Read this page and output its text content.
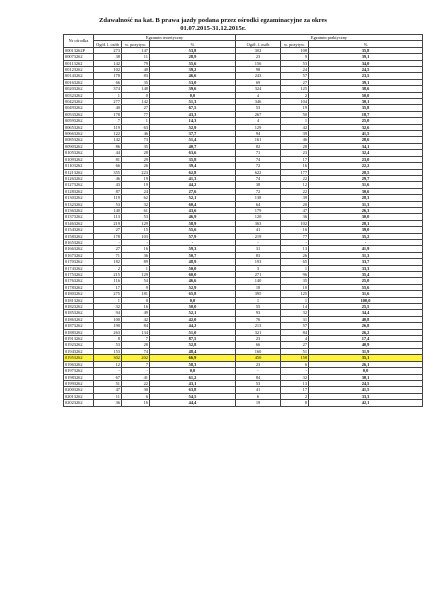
Zdawalność na kat. B prawa jazdy podana przez ośrodki egzaminacyjne za okres
01.07.2015-31.12.2015r.
Nr ośrodka	Egzamin teoretyczny			Egzamin praktyczny		
	Ogół. l. osób	w. pozytyw.	%	Ogół. l. osób	w. pozytyw.	%
00013262P	273	147	53,8	302	108	35,8
00073262	38	11	28,9	23	9	39,1
00113262	142	79	55,6	156	53	34,0
00123262	102	40	39,2	98	24	24,5
00143262	178	83	46,6	243	57	23,5
00163262	66	35	53,0	69	27	39,1
00203262	374	148	39,6	324	125	38,6
00323262	1	0	0,0	4	2	50,0
00423262	277	142	51,3	346	104	30,1
00493262	40	27	67,5	53	19	35,8
00533262	178	77	43,3	267	50	18,7
00593262	7	1	14,3	4	1	25,0
00653262	119	63	52,9	129	42	32,6
00663262	122	46	37,7	94	39	41,5
00853262	142	73	51,4	161	46	28,6
00903262	86	35	40,7	82	28	34,1
01053262	44	28	63,6	71	23	32,4
01093262	81	29	35,8	74	17	23,0
01103262	66	26	39,4	72	16	22,2
01213262	355	223	62,8	622	177	28,5
01263262	46	19	41,3	74	22	29,7
01273262	43	19	44,2	38	12	31,6
01283262	87	24	27,6	72	22	30,6
01303262	119	62	52,1	138	39	28,3
01323262	53	32	60,4	64	20	31,3
01363262	140	61	43,6	179	47	26,3
01373262	113	53	46,9	120	36	30,0
01463262	219	129	58,9	363	102	28,1
01543262	27	15	55,6	41	16	39,0
01583262	178	103	57,9	219	77	35,2
01653262	-	-	-	-	-	-
01663262	27	16	59,3	31	13	41,9
01673262	71	36	50,7	83	26	31,3
01703262	182	89	48,9	193	65	33,7
01743262	2	1	50,0	3	1	33,3
01753262	215	129	60,0	271	96	35,4
01763262	116	54	46,6	140	35	25,0
01783262	17	9	52,9	18	10	55,6
01803262	275	181	65,8	395	125	31,6
01813262	1	0	0,0	1	1	100,0
01823262	32	16	50,0	55	14	25,5
01853262	94	49	52,1	93	32	34,4
01863262	100	42	42,0	76	31	40,8
01873262	190	84	44,2	213	57	26,8
01883262	263	134	51,0	321	84	26,2
01913262	8	7	87,5	23	4	17,4
01923262	53	28	52,8	66	27	40,9
01943262	153	74	48,4	160	51	31,9
01953262	302	202	66,9	450	158	35,1
01963262	12	7	58,3	23	6	26,1
01973262	-	-	0,0	-	-	0,0
01983262	67	41	61,2	84	32	38,1
01993262	51	22	43,1	53	13	24,5
02003262	47	30	63,8	41	17	41,5
02013262	11	6	54,5	6	2	33,3
02023262	36	16	44,4	19	8	42,1
